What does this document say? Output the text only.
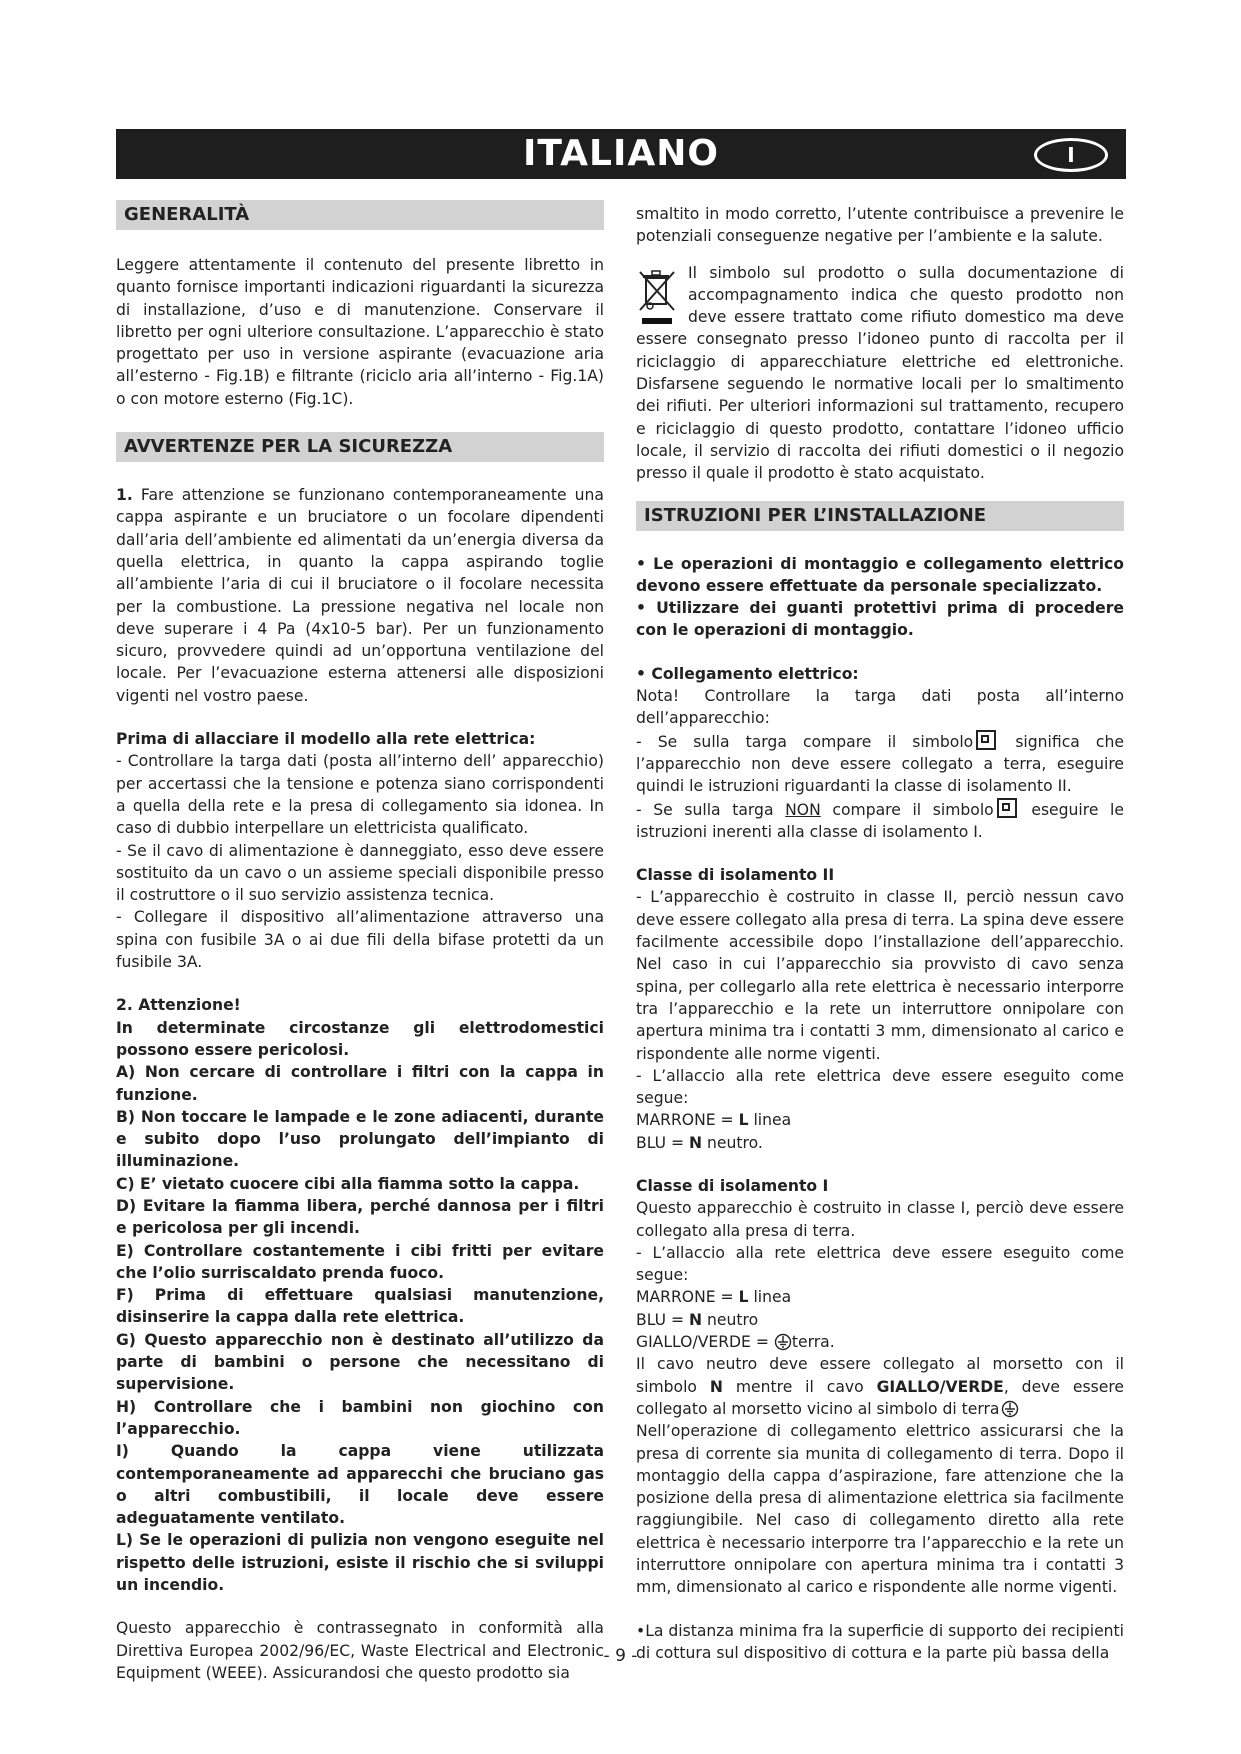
ITALIANO	I
GENERALITÀ

Leggere attentamente il contenuto del presente libretto in quanto fornisce importanti indicazioni riguardanti la sicurezza di installazione, d’uso e di manutenzione. Conservare il libretto per ogni ulteriore consultazione. L’apparecchio è stato progettato per uso in versione aspirante (evacuazione aria all’esterno - Fig.1B) e filtrante (riciclo aria all’interno - Fig.1A) o con motore esterno (Fig.1C).

AVVERTENZE PER LA SICUREZZA

1. Fare attenzione se funzionano contemporaneamente una cappa aspirante e un bruciatore o un focolare dipendenti dall’aria dell’ambiente ed alimentati da un’energia diversa da quella elettrica, in quanto la cappa aspirando toglie all’ambiente l’aria di cui il bruciatore o il focolare necessita per la combustione. La pressione negativa nel locale non deve superare i 4 Pa (4x10-5 bar). Per un funzionamento sicuro, provvedere quindi ad un’opportuna ventilazione del locale. Per l’evacuazione esterna attenersi alle disposizioni vigenti nel vostro paese.

Prima di allacciare il modello alla rete elettrica:

- Controllare la targa dati (posta all’interno dell’ apparecchio) per accertassi che la tensione e potenza siano corrispondenti a quella della rete e la presa di collegamento sia idonea. In caso di dubbio interpellare un elettricista qualificato.

- Se il cavo di alimentazione è danneggiato, esso deve essere sostituito da un cavo o un assieme speciali disponibile presso il costruttore o il suo servizio assistenza tecnica.

- Collegare il dispositivo all’alimentazione attraverso una spina con fusibile 3A o ai due fili della bifase protetti da un fusibile 3A.

2. Attenzione!

In determinate circostanze gli elettrodomestici possono essere pericolosi.

A) Non cercare di controllare i filtri con la cappa in funzione.

B) Non toccare le lampade e le zone adiacenti, durante e subito dopo l’uso prolungato dell’impianto di illuminazione.

C) E’ vietato cuocere cibi alla fiamma sotto la cappa.

D) Evitare la fiamma libera, perché dannosa per i filtri e pericolosa per gli incendi.

E) Controllare costantemente i cibi fritti per evitare che l’olio surriscaldato prenda fuoco.

F) Prima di effettuare qualsiasi manutenzione, disinserire la cappa dalla rete elettrica.

G) Questo apparecchio non è destinato all’utilizzo da parte di bambini o persone che necessitano di supervisione.

H) Controllare che i bambini non giochino con l’apparecchio.

I) Quando la cappa viene utilizzata contemporaneamente ad apparecchi che bruciano gas o altri combustibili, il locale deve essere adeguatamente ventilato.

L) Se le operazioni di pulizia non vengono eseguite nel rispetto delle istruzioni, esiste il rischio che si sviluppi un incendio.

Questo apparecchio è contrassegnato in conformità alla Direttiva Europea 2002/96/EC, Waste Electrical and Electronic Equipment (WEEE). Assicurandosi che questo prodotto sia

smaltito in modo corretto, l’utente contribuisce a prevenire le potenziali conseguenze negative per l’ambiente e la salute.

Il simbolo sul prodotto o sulla documentazione di accompagnamento indica che questo prodotto non deve essere trattato come rifiuto domestico ma deve essere consegnato presso l’idoneo punto di raccolta per il riciclaggio di apparecchiature elettriche ed elettroniche. Disfarsene seguendo le normative locali per lo smaltimento dei rifiuti. Per ulteriori informazioni sul trattamento, recupero e riciclaggio di questo prodotto, contattare l’idoneo ufficio locale, il servizio di raccolta dei rifiuti domestici o il negozio presso il quale il prodotto è stato acquistato.

ISTRUZIONI PER L’INSTALLAZIONE

• Le operazioni di montaggio e collegamento elettrico devono essere effettuate da personale specializzato.

• Utilizzare dei guanti protettivi prima di procedere con le operazioni di montaggio.

• Collegamento elettrico:

Nota! Controllare la targa dati posta all’interno dell’apparecchio:

- Se sulla targa compare il simbolo	significa che l’apparecchio non deve essere collegato a terra, eseguire quindi le istruzioni riguardanti la classe di isolamento II.

- Se sulla targa NON compare il simbolo eseguire le istruzioni inerenti alla classe di isolamento I.

Classe di isolamento II

- L’apparecchio è costruito in classe II, perciò nessun cavo deve essere collegato alla presa di terra. La spina deve essere facilmente accessibile dopo l’installazione dell’apparecchio. Nel caso in cui l’apparecchio sia provvisto di cavo senza spina, per collegarlo alla rete elettrica è necessario interporre tra l’apparecchio e la rete un interruttore onnipolare con apertura minima tra i contatti 3 mm, dimensionato al carico e rispondente alle norme vigenti.

- L’allaccio alla rete elettrica deve essere eseguito come segue:

MARRONE = L linea

BLU = N neutro.

Classe di isolamento I

Questo apparecchio è costruito in classe I, perciò deve essere collegato alla presa di terra.

- L’allaccio alla rete elettrica deve essere eseguito come segue:

MARRONE = L linea

BLU = N neutro

GIALLO/VERDE = terra.

Il cavo neutro deve essere collegato al morsetto con il simbolo N mentre il cavo GIALLO/VERDE, deve essere collegato al morsetto vicino al simbolo di terra

Nell’operazione di collegamento elettrico assicurarsi che la presa di corrente sia munita di collegamento di terra. Dopo il montaggio della cappa d’aspirazione, fare attenzione che la posizione della presa di alimentazione elettrica sia facilmente raggiungibile. Nel caso di collegamento diretto alla rete elettrica è necessario interporre tra l’apparecchio e la rete un interruttore onnipolare con apertura minima tra i contatti 3 mm, dimensionato al carico e rispondente alle norme vigenti.

•La distanza minima fra la superficie di supporto dei recipienti di cottura sul dispositivo di cottura e la parte più bassa della

- 9 -
